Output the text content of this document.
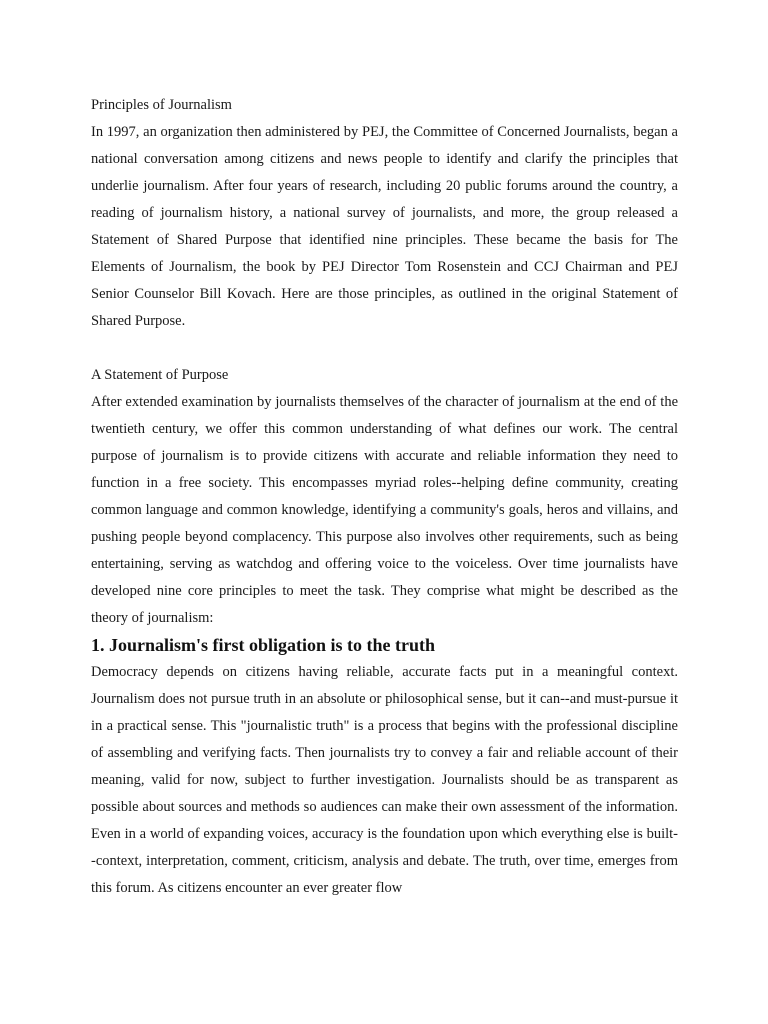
Principles of Journalism

In 1997, an organization then administered by PEJ, the Committee of Concerned Journalists, began a national conversation among citizens and news people to identify and clarify the principles that underlie journalism. After four years of research, including 20 public forums around the country, a reading of journalism history, a national survey of journalists, and more, the group released a Statement of Shared Purpose that identified nine principles. These became the basis for The Elements of Journalism, the book by PEJ Director Tom Rosenstein and CCJ Chairman and PEJ Senior Counselor Bill Kovach. Here are those principles, as outlined in the original Statement of Shared Purpose.

A Statement of Purpose

After extended examination by journalists themselves of the character of journalism at the end of the twentieth century, we offer this common understanding of what defines our work. The central purpose of journalism is to provide citizens with accurate and reliable information they need to function in a free society. This encompasses myriad roles--helping define community, creating common language and common knowledge, identifying a community's goals, heros and villains, and pushing people beyond complacency. This purpose also involves other requirements, such as being entertaining, serving as watchdog and offering voice to the voiceless. Over time journalists have developed nine core principles to meet the task. They comprise what might be described as the theory of journalism:

1. Journalism's first obligation is to the truth

Democracy depends on citizens having reliable, accurate facts put in a meaningful context. Journalism does not pursue truth in an absolute or philosophical sense, but it can--and must-pursue it in a practical sense. This "journalistic truth" is a process that begins with the professional discipline of assembling and verifying facts. Then journalists try to convey a fair and reliable account of their meaning, valid for now, subject to further investigation. Journalists should be as transparent as possible about sources and methods so audiences can make their own assessment of the information. Even in a world of expanding voices, accuracy is the foundation upon which everything else is built--context, interpretation, comment, criticism, analysis and debate. The truth, over time, emerges from this forum. As citizens encounter an ever greater flow
